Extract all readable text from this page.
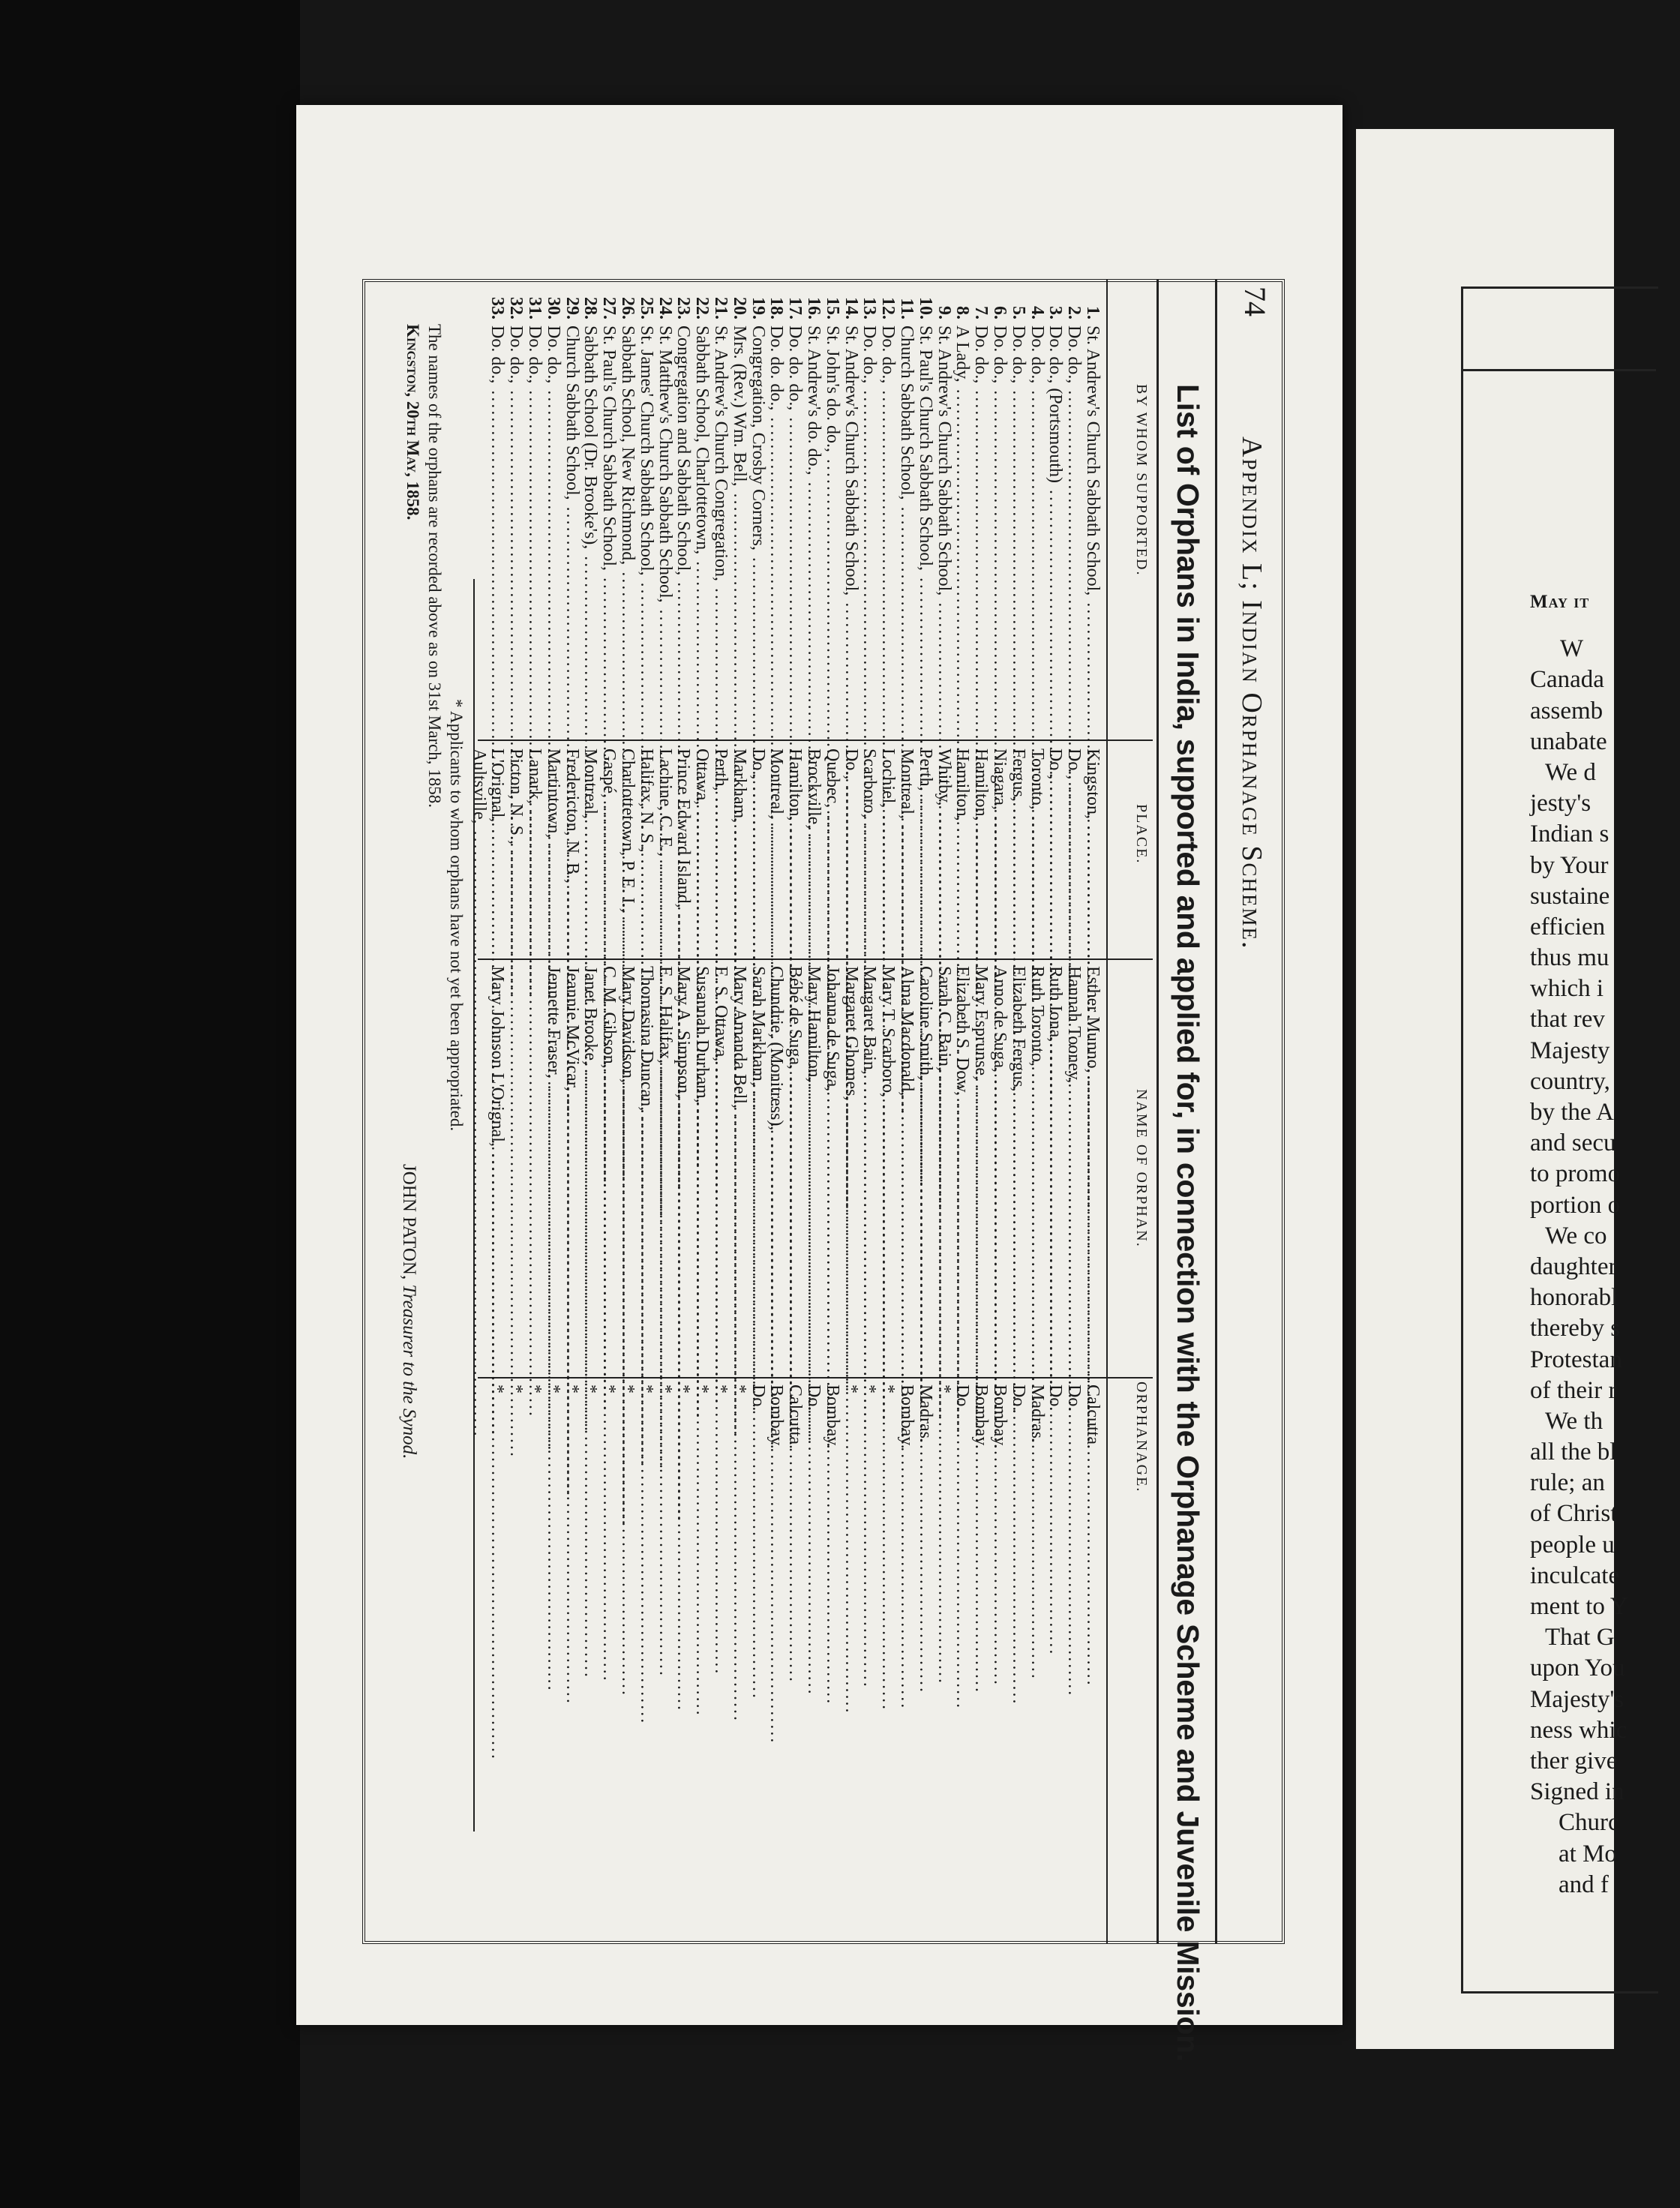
74
Appendix L; Indian Orphanage Scheme.
List of Orphans in India, supported and applied for, in connection with the Orphanage Scheme and Juvenile Mission.
BY WHOM SUPPORTED.
PLACE.
NAME OF ORPHAN.
ORPHANAGE.
1.
St. Andrew's Church Sabbath School, .....
Kingston, .....
Esther Munno, .....
Calcutta.
2.
Do. do., .....
Do., .....
Hannah Tooney, .....
Do.
3.
Do. do., (Portsmouth) .....
Do., .....
Ruth Iona, .....
Do.
4.
Do. do., .....
Toronto, .....
Ruth Toronto, .....
Madras.
5.
Do. do., .....
Fergus, .....
Elizabeth Fergus, .....
Do.
6.
Do. do., .....
Niagara, .....
Anno de Suga, .....
Bombay.
7.
Do. do., .....
Hamilton, .....
Mary Esprunse, .....
Bombay.
8.
A Lady, .....
Hamilton, .....
Elizabeth S. Dow, .....
Do.
9.
St. Andrew's Church Sabbath School, .....
Whitby, .....
Sarah C. Bain, .....
*
10.
St. Paul's Church Sabbath School, .....
Perth, .....
Caroline Smith, .....
Madras.
11.
Church Sabbath School, .....
Montreal, .....
Alma Macdonald, .....
Bombay.
12.
Do. do., .....
Lochiel, .....
Mary T. Scarboro, .....
*
13.
Do. do., .....
Scarboro, .....
Margaret Bain, .....
*
14.
St. Andrew's Church Sabbath School, .....
Do., .....
Margaret Ghomes, .....
*
15.
St. John's do. do., .....
Quebec, .....
Johanna de Suga, .....
Bombay.
16.
St. Andrew's do. do., .....
Brockville, .....
Mary Hamilton, .....
Do.
17.
Do. do. do., .....
Hamilton, .....
Bébé de Suga, .....
Calcutta.
18.
Do. do. do., .....
Montreal, .....
Chundrie, (Monitress), .....
Bombay.
19.
Congregation, Crosby Corners, .....
Do., .....
Sarah Markham, .....
Do.
20.
Mrs. (Rev.) Wm. Bell, .....
Markham, .....
Mary Amanda Bell, .....
*
21.
St. Andrew's Church Congregation, .....
Perth, .....
E. S. Ottawa, .....
*
22.
Sabbath School, Charlottetown, .....
Ottawa, .....
Susannah Durham, .....
*
23.
Congregation and Sabbath School, .....
Prince Edward Island, .....
Mary A. Simpson, .....
*
24.
St. Matthew's Church Sabbath School, .....
Lachine, C. E., .....
E. S. Halifax, .....
*
25.
St. James' Church Sabbath School, .....
Halifax, N. S., .....
Thomasina Duncan, .....
*
26.
Sabbath School, New Richmond, .....
Charlottetown, P. E. I., .....
Mary Davidson, .....
*
27.
St. Paul's Church Sabbath School, .....
Gaspé, .....
C. M. Gibson, .....
*
28.
Sabbath School (Dr. Brooke's), .....
Montreal, .....
Janet Brooke, .....
*
29.
Church Sabbath School, .....
Fredericton, N. B., .....
Jeannie McVicar, .....
*
30.
Do. do., .....
Martintown, .....
Jennette Fraser, .....
*
31.
Do. do., .....
Lanark, .....
*
32.
Do. do., .....
Picton, N. S., .....
*
33.
Do. do., .....
L'Orignal, .....
Mary Johnson L'Orignal, .....
*
Aultsville, .....
* Applicants to whom orphans have not yet been appropriated.
The names of the orphans are recorded above as on 31st March, 1858.
Kingston, 20th May, 1858.
JOHN PATON, Treasurer to the Synod.
May it
W
Canada
assemb
unabate
We d
jesty's
Indian s
by Your
sustaine
efficien
thus mu
which i
that rev
Majesty
country,
by the A
and secu
to promo
portion o
We co
daughter
honorabl
thereby s
Protestan
of their r
We th
all the bl
rule; an
of Christ
people u
inculcate
ment to Y
That G
upon You
Majesty's
ness whic
ther give
Signed in
Churc
at Mo
and f
